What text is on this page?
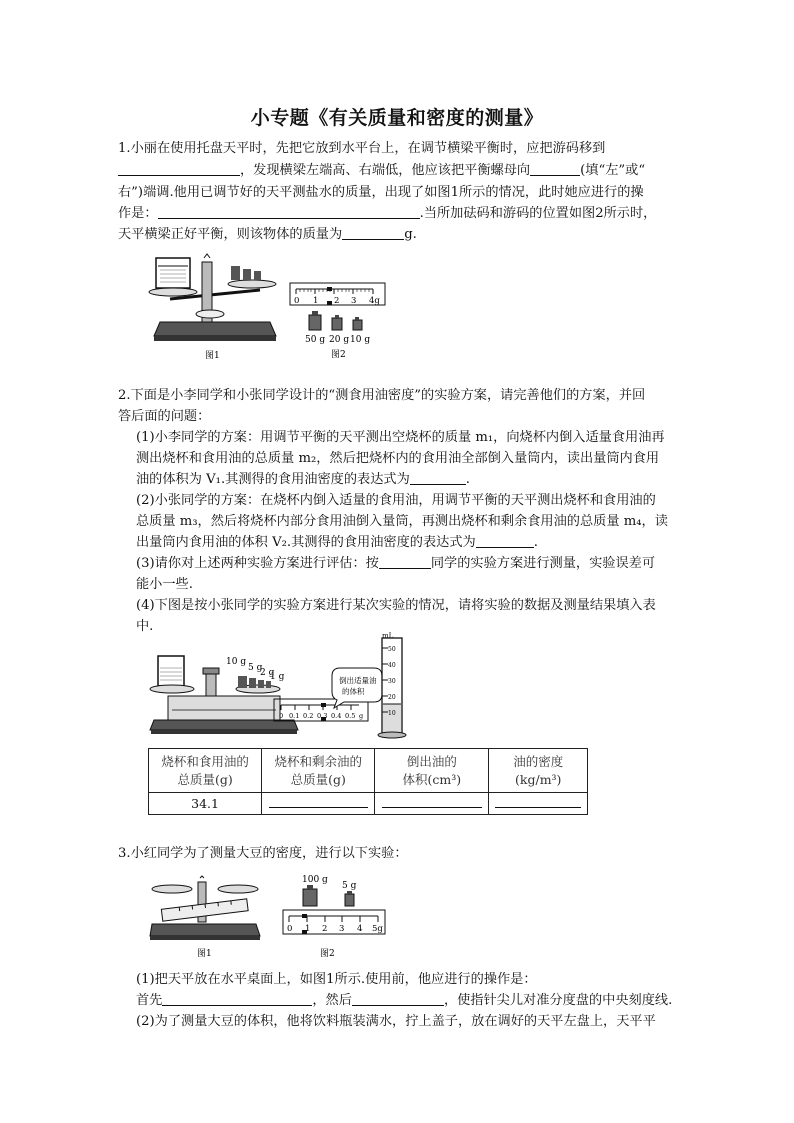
小专题《有关质量和密度的测量》
1.小丽在使用托盘天平时，先把它放到水平台上，在调节横梁平衡时，应把游码移到
，发现横梁左端高、右端低，他应该把平衡螺母向	(填“左”或“
右”)端调.他用已调节好的天平测盐水的质量，出现了如图1所示的情况，此时她应进行的操
作是：	.当所加砝码和游码的位置如图2所示时，
天平横梁正好平衡，则该物体的质量为	g.
图1
0 1 2 3 4g
50 g 20 g 10 g
图2
2.下面是小李同学和小张同学设计的“测食用油密度”的实验方案，请完善他们的方案，并回
答后面的问题：
(1)小李同学的方案：用调节平衡的天平测出空烧杯的质量 m₁，向烧杯内倒入适量食用油再
测出烧杯和食用油的总质量 m₂，然后把烧杯内的食用油全部倒入量筒内，读出量筒内食用
油的体积为 V₁.其测得的食用油密度的表达式为	.
(2)小张同学的方案：在烧杯内倒入适量的食用油，用调节平衡的天平测出烧杯和食用油的
总质量 m₃，然后将烧杯内部分食用油倒入量筒，再测出烧杯和剩余食用油的总质量 m₄，读
出量筒内食用油的体积 V₂.其测得的食用油密度的表达式为	.
(3)请你对上述两种实验方案进行评估：按	同学的实验方案进行测量，实验误差可
能小一些.
(4)下图是按小张同学的实验方案进行某次实验的情况，请将实验的数据及测量结果填入表
中.
10 g
5 g
2 g
1 g
0 0.1 0.2 0.3 0.4 0.5 g
倒出适量油
的体积
mL
50
40
30
20
10
烧杯和食用油的
总质量(g)	烧杯和剩余油的
总质量(g)	倒出油的
体积(cm³)	油的密度
(kg/m³)
34.1			
3.小红同学为了测量大豆的密度，进行以下实验：
图1
100 g
5 g
0 1 2 3 4 5g
图2
(1)把天平放在水平桌面上，如图1所示.使用前，他应进行的操作是：
首先	，然后	，使指针尖儿对准分度盘的中央刻度线.
(2)为了测量大豆的体积，他将饮料瓶装满水，拧上盖子，放在调好的天平左盘上，天平平
